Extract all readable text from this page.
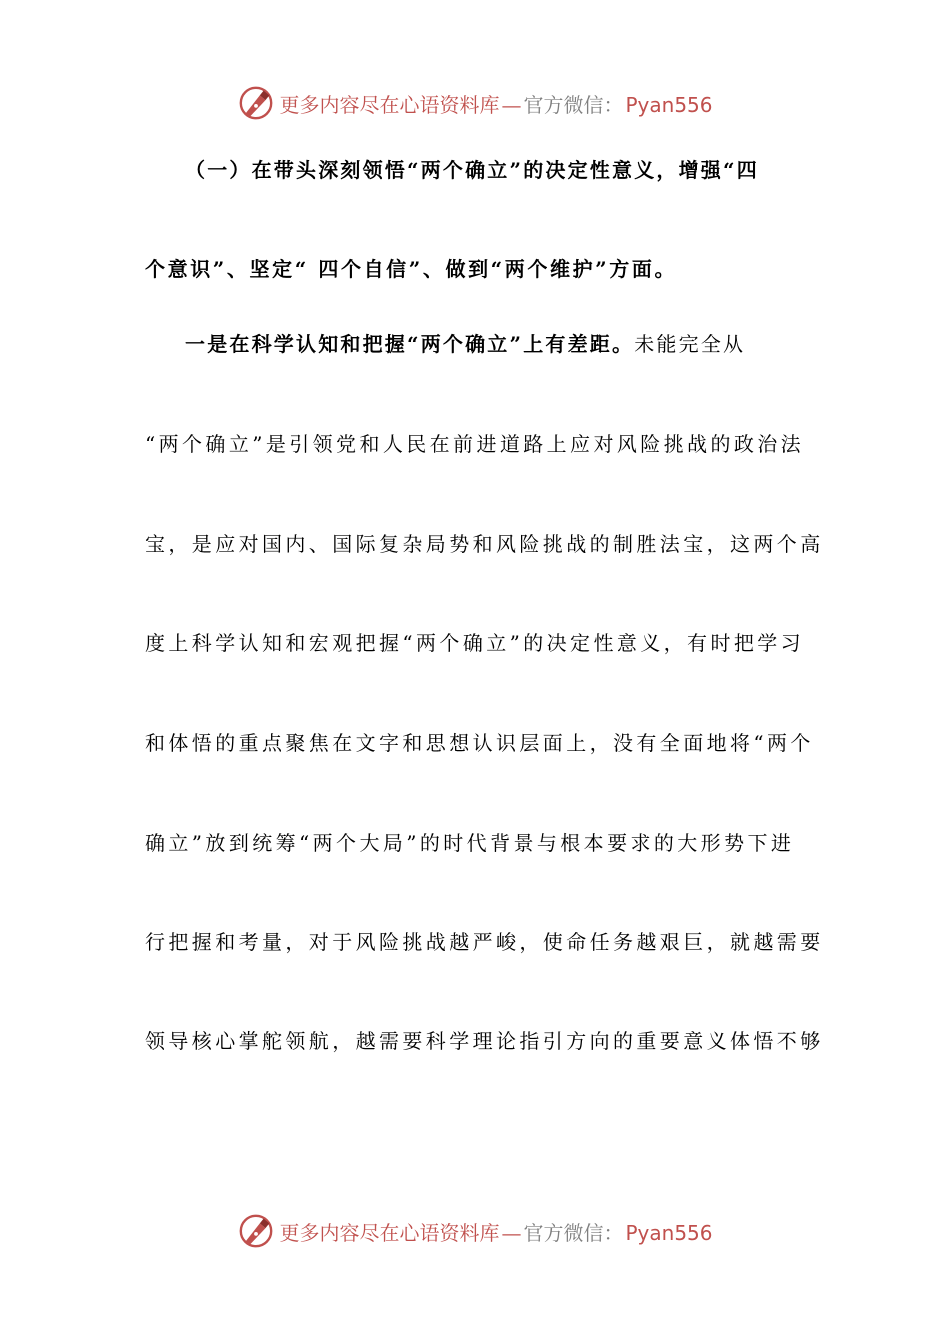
更多内容尽在心语资料库 — 官方微信： Pyan556
（一）在带头深刻领悟“两个确立”的决定性意义，增强“四
个意识”、坚定“ 四个自信”、做到“两个维护”方面。
一是在科学认知和把握“两个确立”上有差距。未能完全从
“两个确立”是引领党和人民在前进道路上应对风险挑战的政治法
宝，是应对国内、国际复杂局势和风险挑战的制胜法宝，这两个高
度上科学认知和宏观把握“两个确立”的决定性意义，有时把学习
和体悟的重点聚焦在文字和思想认识层面上，没有全面地将“两个
确立”放到统筹“两个大局”的时代背景与根本要求的大形势下进
行把握和考量，对于风险挑战越严峻，使命任务越艰巨，就越需要
领导核心掌舵领航，越需要科学理论指引方向的重要意义体悟不够
更多内容尽在心语资料库 — 官方微信： Pyan556
